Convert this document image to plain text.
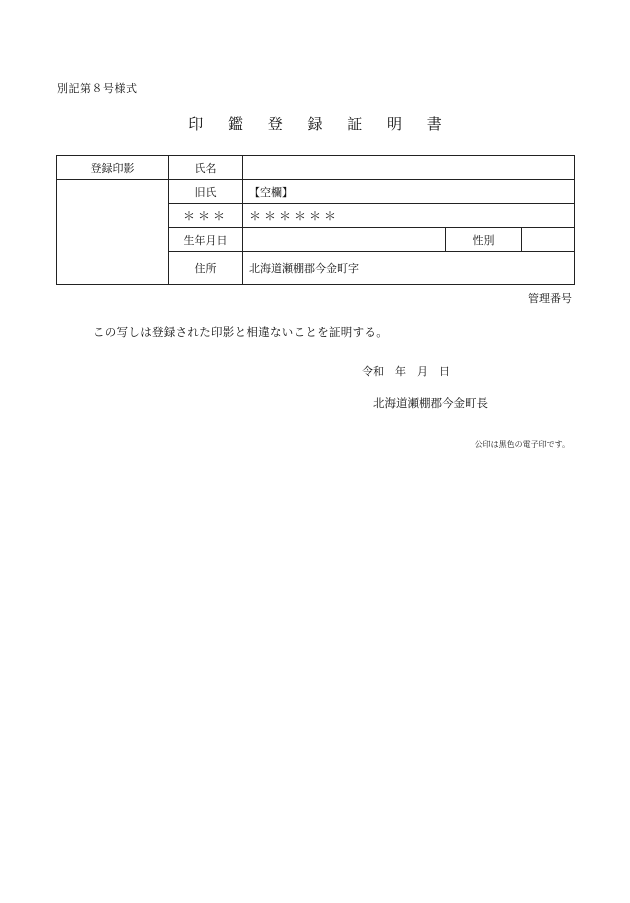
別記第８号様式
印 鑑 登 録 証 明 書
登録印影	氏名			
	旧氏	【空欄】		
	＊＊＊	＊＊＊＊＊＊		
	生年月日		性別	
	住所	北海道瀬棚郡今金町字		
管理番号
この写しは登録された印影と相違ないことを証明する。
令和　年　月　日
北海道瀬棚郡今金町長
公印は黒色の電子印です。
